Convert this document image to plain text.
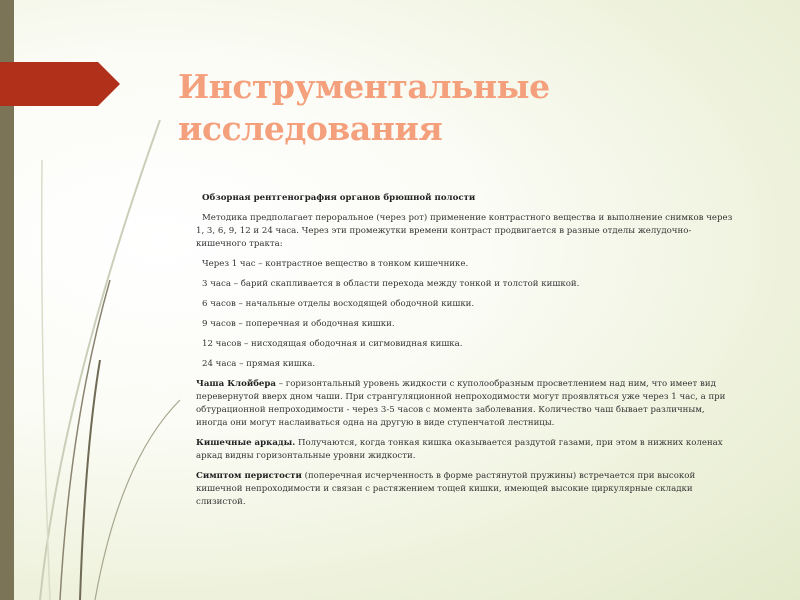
Инструментальные исследования

Обзорная рентгенография органов брюшной полости

Методика предполагает пероральное (через рот) применение контрастного вещества и выполнение снимков через 1, 3, 6, 9, 12 и 24 часа. Через эти промежутки времени контраст продвигается в разные отделы желудочно-кишечного тракта:

Через 1 час – контрастное вещество в тонком кишечнике.

3 часа – барий скапливается в области перехода между тонкой и толстой кишкой.

6 часов – начальные отделы восходящей ободочной кишки.

9 часов – поперечная и ободочная кишки.

12 часов – нисходящая ободочная и сигмовидная кишка.

24 часа – прямая кишка.

Чаша Клойбера – горизонтальный уровень жидкости с куполообразным просветлением над ним, что имеет вид перевернутой вверх дном чаши. При странгуляционной непроходимости могут проявляться уже через 1 час, а при обтурационной непроходимости - через 3-5 часов с момента заболевания. Количество чаш бывает различным, иногда они могут наслаиваться одна на другую в виде ступенчатой лестницы.

Кишечные аркады. Получаются, когда тонкая кишка оказывается раздутой газами, при этом в нижних коленах аркад видны горизонтальные уровни жидкости.

Симптом перистости (поперечная исчерченность в форме растянутой пружины) встречается при высокой кишечной непроходимости и связан с растяжением тощей кишки, имеющей высокие циркулярные складки слизистой.
